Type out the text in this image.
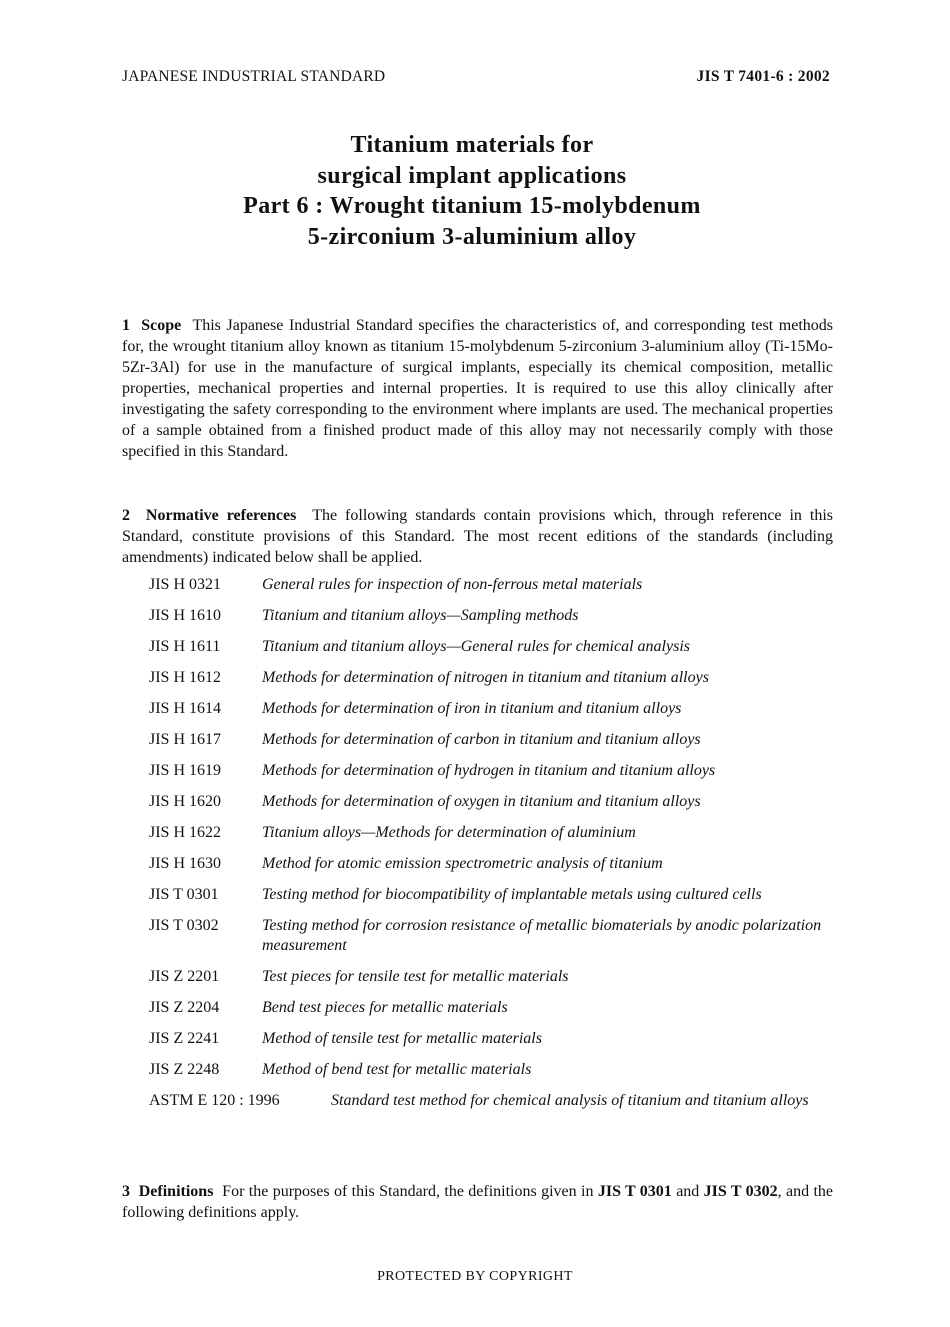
JAPANESE INDUSTRIAL STANDARD	JIS T 7401-6 : 2002
Titanium materials for
surgical implant applications
Part 6 : Wrought titanium 15-molybdenum
5-zirconium 3-aluminium alloy
1 Scope This Japanese Industrial Standard specifies the characteristics of, and corresponding test methods for, the wrought titanium alloy known as titanium 15-molybdenum 5-zirconium 3-aluminium alloy (Ti-15Mo-5Zr-3Al) for use in the manufacture of surgical implants, especially its chemical composition, metallic properties, mechanical properties and internal properties. It is required to use this alloy clinically after investigating the safety corresponding to the environment where implants are used. The mechanical properties of a sample obtained from a finished product made of this alloy may not necessarily comply with those specified in this Standard.
2 Normative references The following standards contain provisions which, through reference in this Standard, constitute provisions of this Standard. The most recent editions of the standards (including amendments) indicated below shall be applied.
JIS H 0321	General rules for inspection of non-ferrous metal materials
JIS H 1610	Titanium and titanium alloys—Sampling methods
JIS H 1611	Titanium and titanium alloys—General rules for chemical analysis
JIS H 1612	Methods for determination of nitrogen in titanium and titanium alloys
JIS H 1614	Methods for determination of iron in titanium and titanium alloys
JIS H 1617	Methods for determination of carbon in titanium and titanium alloys
JIS H 1619	Methods for determination of hydrogen in titanium and titanium alloys
JIS H 1620	Methods for determination of oxygen in titanium and titanium alloys
JIS H 1622	Titanium alloys—Methods for determination of aluminium
JIS H 1630	Method for atomic emission spectrometric analysis of titanium
JIS T 0301	Testing method for biocompatibility of implantable metals using cultured cells
JIS T 0302	Testing method for corrosion resistance of metallic biomaterials by anodic polarization measurement
JIS Z 2201	Test pieces for tensile test for metallic materials
JIS Z 2204	Bend test pieces for metallic materials
JIS Z 2241	Method of tensile test for metallic materials
JIS Z 2248	Method of bend test for metallic materials
ASTM E 120 : 1996	Standard test method for chemical analysis of titanium and titanium alloys
3 Definitions For the purposes of this Standard, the definitions given in JIS T 0301 and JIS T 0302, and the following definitions apply.
PROTECTED BY COPYRIGHT
